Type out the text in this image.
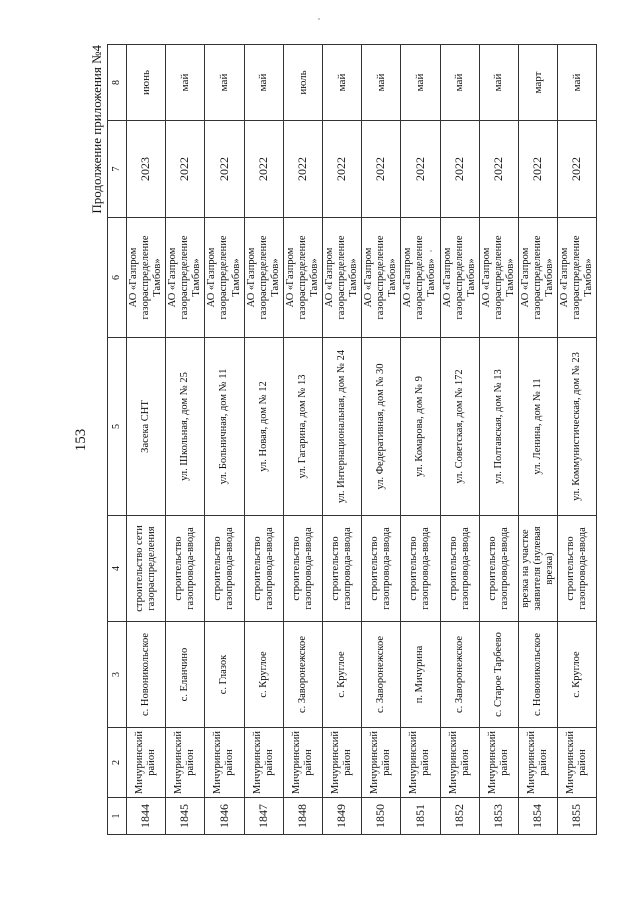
153
Продолжение приложения №4
1	2	3	4	5	6	7	8
1844	Мичуринский район	с. Новоникольское	строительство сети газораспределения	Засека СНТ	АО «Газпром газораспределение Тамбов»	2023	июнь
1845	Мичуринский район	с. Еланчино	строительство газопровода-ввода	ул. Школьная, дом № 25	АО «Газпром газораспределение Тамбов»	2022	май
1846	Мичуринский район	с. Глазок	строительство газопровода-ввода	ул. Больничная, дом № 11	АО «Газпром газораспределение Тамбов»	2022	май
1847	Мичуринский район	с. Круглое	строительство газопровода-ввода	ул. Новая, дом № 12	АО «Газпром газораспределение Тамбов»	2022	май
1848	Мичуринский район	с. Заворонежское	строительство газопровода-ввода	ул. Гагарина, дом № 13	АО «Газпром газораспределение Тамбов»	2022	июль
1849	Мичуринский район	с. Круглое	строительство газопровода-ввода	ул. Интернациональная, дом № 24	АО «Газпром газораспределение Тамбов»	2022	май
1850	Мичуринский район	с. Заворонежское	строительство газопровода-ввода	ул. Федеративная, дом № 30	АО «Газпром газораспределение Тамбов»	2022	май
1851	Мичуринский район	п. Мичурина	строительство газопровода-ввода	ул. Комарова, дом № 9	АО «Газпром газораспределение Тамбов»	2022	май
1852	Мичуринский район	с. Заворонежское	строительство газопровода-ввода	ул. Советская, дом № 172	АО «Газпром газораспределение Тамбов»	2022	май
1853	Мичуринский район	с. Старое Тарбеево	строительство газопровода-ввода	ул. Полтавская, дом № 13	АО «Газпром газораспределение Тамбов»	2022	май
1854	Мичуринский район	с. Новоникольское	врезка на участке заявителя (нулевая врезка)	ул. Ленина, дом № 11	АО «Газпром газораспределение Тамбов»	2022	март
1855	Мичуринский район	с. Круглое	строительство газопровода-ввода	ул. Коммунистическая, дом № 23	АО «Газпром газораспределение Тамбов»	2022	май
